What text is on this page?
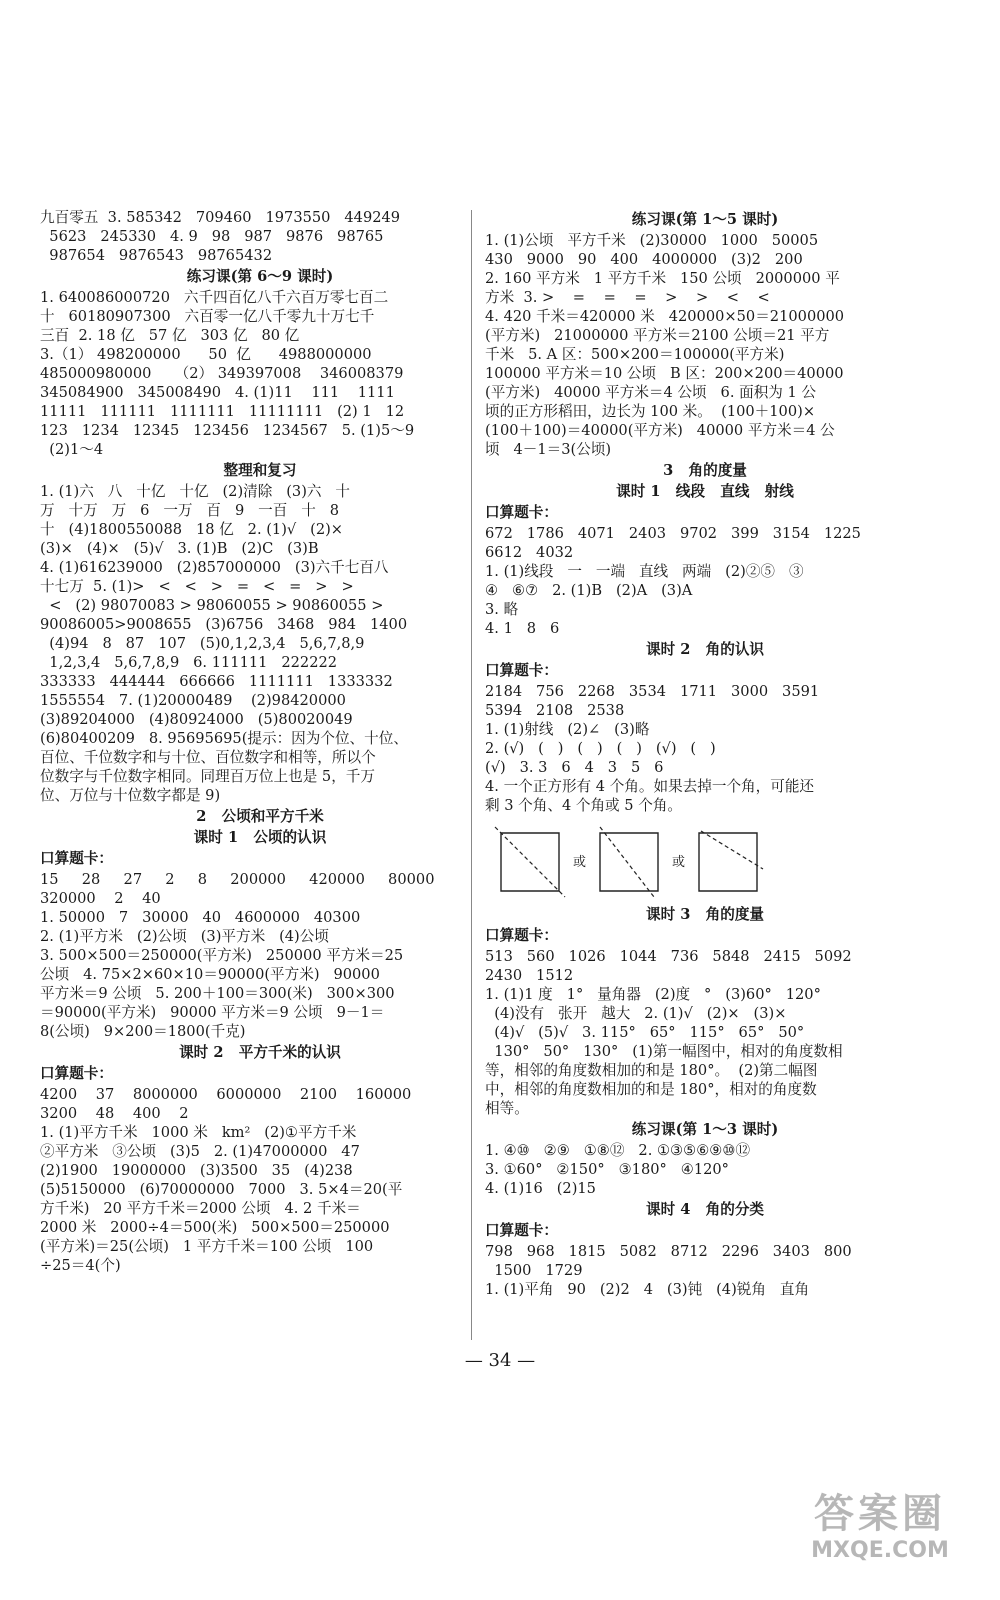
九百零五  3. 585342   709460   1973550   449249
5623   245330   4. 9   98   987   9876   98765
987654   9876543   98765432
练习课(第 6～9 课时)
1. 640086000720   六千四百亿八千六百万零七百二
十   60180907300   六百零一亿八千零九十万七千
三百  2. 18 亿   57 亿   303 亿   80 亿
3.（1） 498200000      50  亿      4988000000
485000980000     （2） 349397008    346008379
345084900   345008490   4. (1)11    111    1111
11111   111111   1111111   11111111   (2) 1   12
123   1234   12345   123456   1234567   5. (1)5～9
(2)1～4
整理和复习
1. (1)六   八   十亿   十亿   (2)清除   (3)六   十
万   十万   万   6   一万   百   9   一百   十   8
十   (4)1800550088   18 亿   2. (1)√   (2)×
(3)×   (4)×   (5)√   3. (1)B   (2)C   (3)B
4. (1)616239000   (2)857000000   (3)六千七百八
十七万  5. (1)>   <   <   >   =   <   =   >   >
<   (2) 98070083 > 98060055 > 90860055 >
90086005>9008655   (3)6756   3468   984   1400
(4)94   8   87   107   (5)0,1,2,3,4   5,6,7,8,9
1,2,3,4   5,6,7,8,9   6. 111111   222222
333333   444444   666666   1111111   1333332
1555554   7. (1)20000489    (2)98420000
(3)89204000   (4)80924000   (5)80020049
(6)80400209   8. 95695695(提示：因为个位、十位、
百位、千位数字和与十位、百位数字和相等，所以个
位数字与千位数字相同。同理百万位上也是 5，千万
位、万位与十位数字都是 9)
2   公顷和平方千米
课时 1   公顷的认识
口算题卡：
15     28     27     2     8     200000     420000     80000
320000    2    40
1. 50000   7   30000   40   4600000   40300
2. (1)平方米   (2)公顷   (3)平方米   (4)公顷
3. 500×500＝250000(平方米)   250000 平方米＝25
公顷   4. 75×2×60×10＝90000(平方米)   90000
平方米＝9 公顷   5. 200＋100＝300(米)   300×300
＝90000(平方米)   90000 平方米＝9 公顷   9－1＝
8(公顷)   9×200＝1800(千克)
课时 2   平方千米的认识
口算题卡：
4200    37    8000000    6000000    2100    160000
3200    48    400    2
1. (1)平方千米   1000 米   km²   (2)①平方千米
②平方米   ③公顷   (3)5   2. (1)47000000   47
(2)1900   19000000   (3)3500   35   (4)238
(5)5150000   (6)70000000   7000   3. 5×4＝20(平
方千米)   20 平方千米＝2000 公顷   4. 2 千米＝
2000 米   2000÷4＝500(米)   500×500＝250000
(平方米)＝25(公顷)   1 平方千米＝100 公顷   100
÷25＝4(个)
练习课(第 1～5 课时)
1. (1)公顷   平方千米   (2)30000   1000   50005
430   9000   90   400   4000000   (3)2   200
2. 160 平方米   1 平方千米   150 公顷   2000000 平
方米  3. >    =    =    =    >    >    <    <
4. 420 千米＝420000 米   420000×50＝21000000
(平方米)   21000000 平方米＝2100 公顷＝21 平方
千米   5. A 区：500×200＝100000(平方米)
100000 平方米＝10 公顷   B 区：200×200＝40000
(平方米)   40000 平方米＝4 公顷   6. 面积为 1 公
顷的正方形稻田，边长为 100 米。  (100＋100)×
(100＋100)＝40000(平方米)   40000 平方米＝4 公
顷   4－1＝3(公顷)
3   角的度量
课时 1   线段   直线   射线
口算题卡：
672   1786   4071   2403   9702   399   3154   1225
6612   4032
1. (1)线段   一   一端   直线   两端   (2)②⑤   ③
④   ⑥⑦   2. (1)B   (2)A   (3)A
3. 略
4. 1   8   6
课时 2   角的认识
口算题卡：
2184   756   2268   3534   1711   3000   3591
5394   2108   2538
1. (1)射线   (2)∠   (3)略
2. (√)   (   )   (   )   (   )   (√)   (   )
(√)   3. 3   6   4   3   5   6
4. 一个正方形有 4 个角。如果去掉一个角，可能还
剩 3 个角、4 个角或 5 个角。
或	或
课时 3   角的度量
口算题卡：
513   560   1026   1044   736   5848   2415   5092
2430   1512
1. (1)1 度   1°   量角器   (2)度   °   (3)60°   120°
(4)没有   张开   越大   2. (1)√   (2)×   (3)×
(4)√   (5)√   3. 115°   65°   115°   65°   50°
130°   50°   130°   (1)第一幅图中，相对的角度数相
等，相邻的角度数相加的和是 180°。  (2)第二幅图
中，相邻的角度数相加的和是 180°，相对的角度数
相等。
练习课(第 1～3 课时)
1. ④⑩   ②⑨   ①⑧⑫   2. ①③⑤⑥⑨⑩⑫
3. ①60°   ②150°   ③180°   ④120°
4. (1)16   (2)15
课时 4   角的分类
口算题卡：
798   968   1815   5082   8712   2296   3403   800
1500   1729
1. (1)平角   90   (2)2   4   (3)钝   (4)锐角   直角
— 34 —
答案圈
MXQE.COM
